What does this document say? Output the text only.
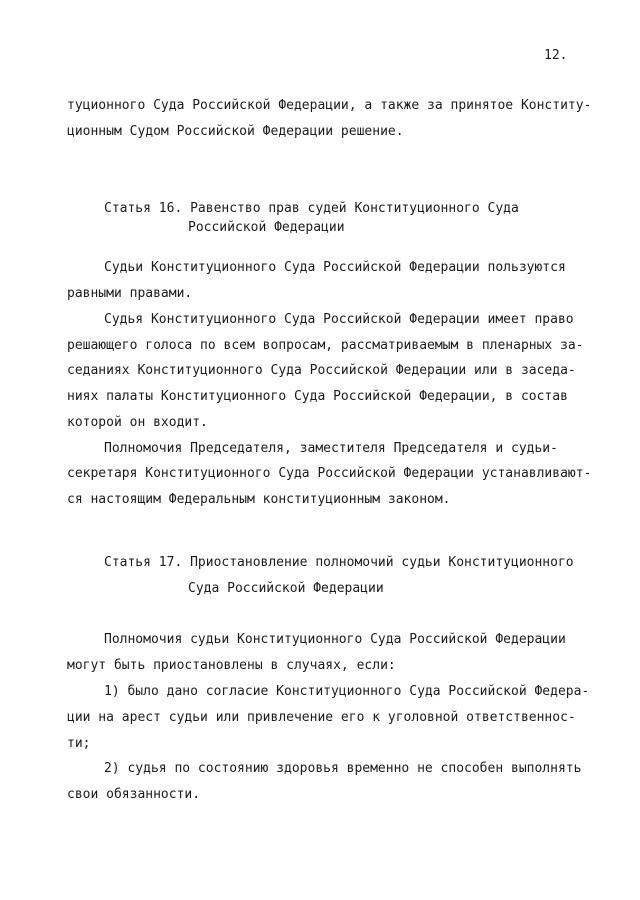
12.
туционного Суда Российской Федерации, а также за принятое Конститу-
ционным Судом Российской Федерации решение.
Статья 16. Равенство прав судей Конституционного Суда
Российской Федерации
Судьи Конституционного Суда Российской Федерации пользуются
равными правами.
Судья Конституционного Суда Российской Федерации имеет право
решающего голоса по всем вопросам, рассматриваемым в пленарных за-
седаниях Конституционного Суда Российской Федерации или в заседа-
ниях палаты Конституционного Суда Российской Федерации, в состав
которой он входит.
Полномочия Председателя, заместителя Председателя и судьи-
секретаря Конституционного Суда Российской Федерации устанавливают-
ся настоящим Федеральным конституционным законом.
Статья 17. Приостановление полномочий судьи Конституционного
Суда Российской Федерации
Полномочия судьи Конституционного Суда Российской Федерации
могут быть приостановлены в случаях, если:
1) было дано согласие Конституционного Суда Российской Федера-
ции на арест судьи или привлечение его к уголовной ответственнос-
ти;
2) судья по состоянию здоровья временно не способен выполнять
свои обязанности.
